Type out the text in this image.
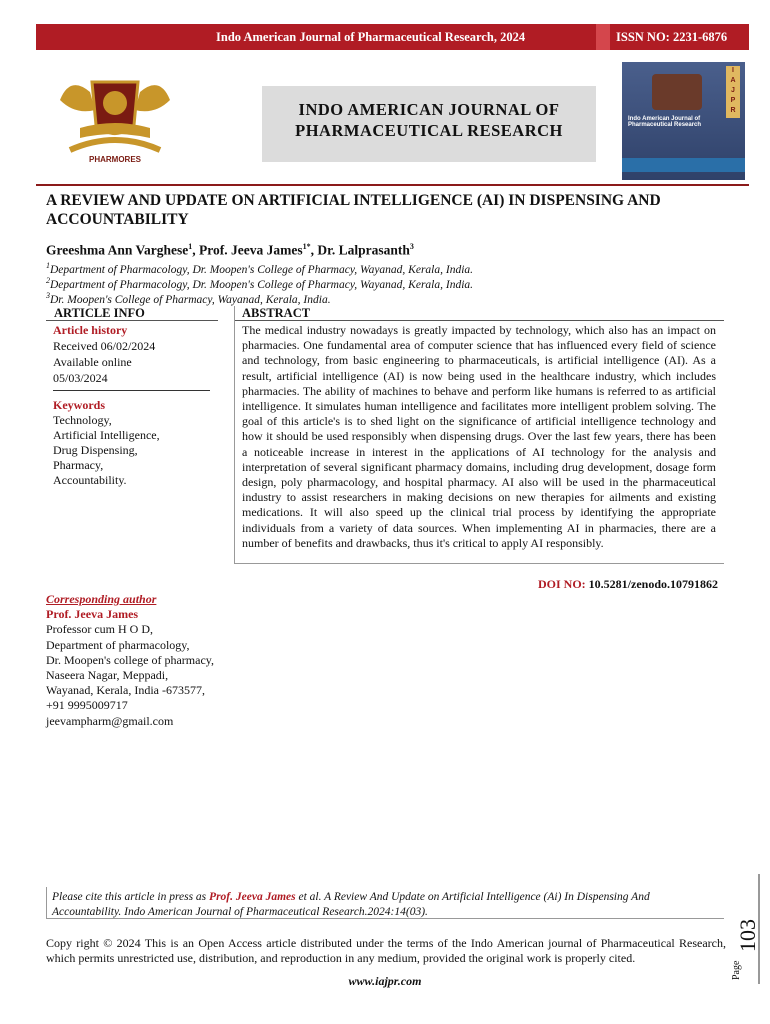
Indo American Journal of Pharmaceutical Research, 2024	ISSN NO: 2231-6876
PHARMORES
INDO AMERICAN JOURNAL OF
PHARMACEUTICAL RESEARCH
I
A
J
P
R
Indo American Journal of
Pharmaceutical Research
A REVIEW AND UPDATE ON ARTIFICIAL INTELLIGENCE (AI) IN DISPENSING AND
ACCOUNTABILITY
Greeshma Ann Varghese$^1$, Prof. Jeeva James$^{1*}$, Dr. Lalprasanth$^3$
$^1$Department of Pharmacology, Dr. Moopen's College of Pharmacy, Wayanad, Kerala, India.
$^2$Department of Pharmacology, Dr. Moopen's College of Pharmacy, Wayanad, Kerala, India.
$^3$Dr. Moopen's College of Pharmacy, Wayanad, Kerala, India.
ARTICLE INFO
Article history
Received 06/02/2024
Available online
05/03/2024
Keywords
Technology,
Artificial Intelligence,
Drug Dispensing,
Pharmacy,
Accountability.
ABSTRACT
The medical industry nowadays is greatly impacted by technology, which also has an impact on pharmacies. One fundamental area of computer science that has influenced every field of science and technology, from basic engineering to pharmaceuticals, is artificial intelligence (AI). As a result, artificial intelligence (AI) is now being used in the healthcare industry, which includes pharmacies. The ability of machines to behave and perform like humans is referred to as artificial intelligence. It simulates human intelligence and facilitates more intelligent problem solving. The goal of this article's is to shed light on the significance of artificial intelligence technology and how it should be used responsibly when dispensing drugs. Over the last few years, there has been a noticeable increase in interest in the applications of AI technology for the analysis and interpretation of several significant pharmacy domains, including drug development, dosage form design, poly pharmacology, and hospital pharmacy. AI also will be used in the pharmaceutical industry to assist researchers in making decisions on new therapies for ailments and existing medications. It will also speed up the clinical trial process by identifying the appropriate individuals from a variety of data sources. When implementing AI in pharmacies, there are a number of benefits and drawbacks, thus it's critical to apply AI responsibly.
DOI NO: 10.5281/zenodo.10791862
Corresponding author
Prof. Jeeva James
Professor cum H O D,
Department of pharmacology,
Dr. Moopen's college of pharmacy,
Naseera Nagar, Meppadi,
Wayanad, Kerala, India -673577,
+91 9995009717
jeevampharm@gmail.com
Please cite this article in press as Prof. Jeeva James et al. A Review And Update on Artificial Intelligence (Ai) In Dispensing And Accountability. Indo American Journal of Pharmaceutical Research.2024:14(03).
Copy right © 2024 This is an Open Access article distributed under the terms of the Indo American journal of Pharmaceutical Research, which permits unrestricted use, distribution, and reproduction in any medium, provided the original work is properly cited.
www.iajpr.com
Page
103
